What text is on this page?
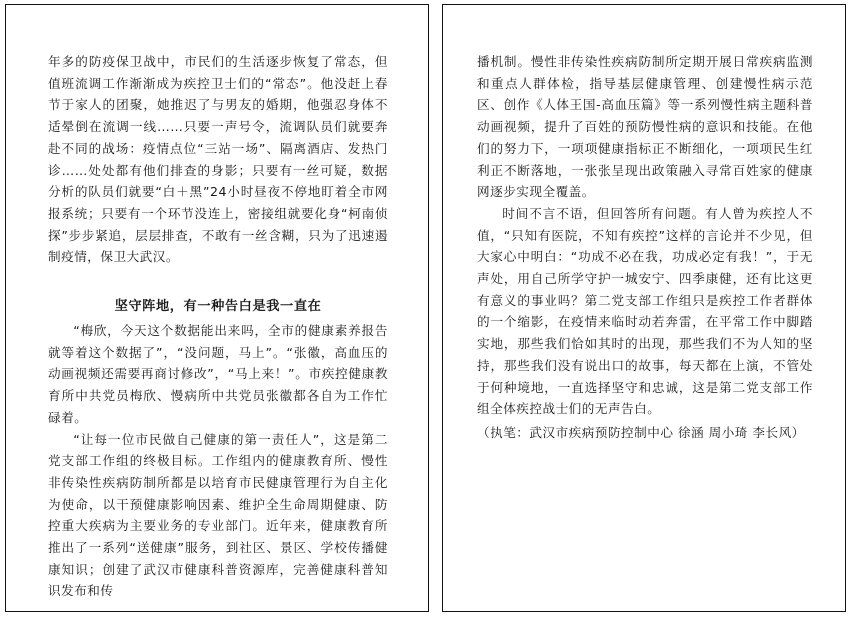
年多的防疫保卫战中，市民们的生活逐步恢复了常态，但值班流调工作渐渐成为疾控卫士们的“常态”。他没赶上春节于家人的团聚，她推迟了与男友的婚期，他强忍身体不适晕倒在流调一线……只要一声号令，流调队员们就要奔赴不同的战场：疫情点位“三站一场”、隔离酒店、发热门诊……处处都有他们排查的身影；只要有一丝可疑，数据分析的队员们就要“白＋黑”24小时昼夜不停地盯着全市网报系统；只要有一个环节没连上，密接组就要化身“柯南侦探”步步紧追，层层排查，不敢有一丝含糊，只为了迅速遏制疫情，保卫大武汉。

坚守阵地，有一种告白是我一直在

“梅欣，今天这个数据能出来吗，全市的健康素养报告就等着这个数据了”，“没问题，马上”。“张徽，高血压的动画视频还需要再商讨修改”，“马上来！”。市疾控健康教育所中共党员梅欣、慢病所中共党员张徽都各自为工作忙碌着。

“让每一位市民做自己健康的第一责任人”，这是第二党支部工作组的终极目标。工作组内的健康教育所、慢性非传染性疾病防制所都是以培育市民健康管理行为自主化为使命，以干预健康影响因素、维护全生命周期健康、防控重大疾病为主要业务的专业部门。近年来，健康教育所推出了一系列“送健康”服务，到社区、景区、学校传播健康知识；创建了武汉市健康科普资源库，完善健康科普知识发布和传

播机制。慢性非传染性疾病防制所定期开展日常疾病监测和重点人群体检，指导基层健康管理、创建慢性病示范区、创作《人体王国-高血压篇》等一系列慢性病主题科普动画视频，提升了百姓的预防慢性病的意识和技能。在他们的努力下，一项项健康指标正不断细化，一项项民生红利正不断落地，一张张呈现出政策融入寻常百姓家的健康网逐步实现全覆盖。

时间不言不语，但回答所有问题。有人曾为疾控人不值，“只知有医院，不知有疾控”这样的言论并不少见，但大家心中明白：“功成不必在我，功成必定有我！”，于无声处，用自己所学守护一城安宁、四季康健，还有比这更有意义的事业吗？第二党支部工作组只是疾控工作者群体的一个缩影，在疫情来临时动若奔雷，在平常工作中脚踏实地，那些我们恰如其时的出现，那些我们不为人知的坚持，那些我们没有说出口的故事，每天都在上演，不管处于何种境地，一直选择坚守和忠诚，这是第二党支部工作组全体疾控战士们的无声告白。

（执笔：武汉市疾病预防控制中心 徐涵 周小琦 李长风）
